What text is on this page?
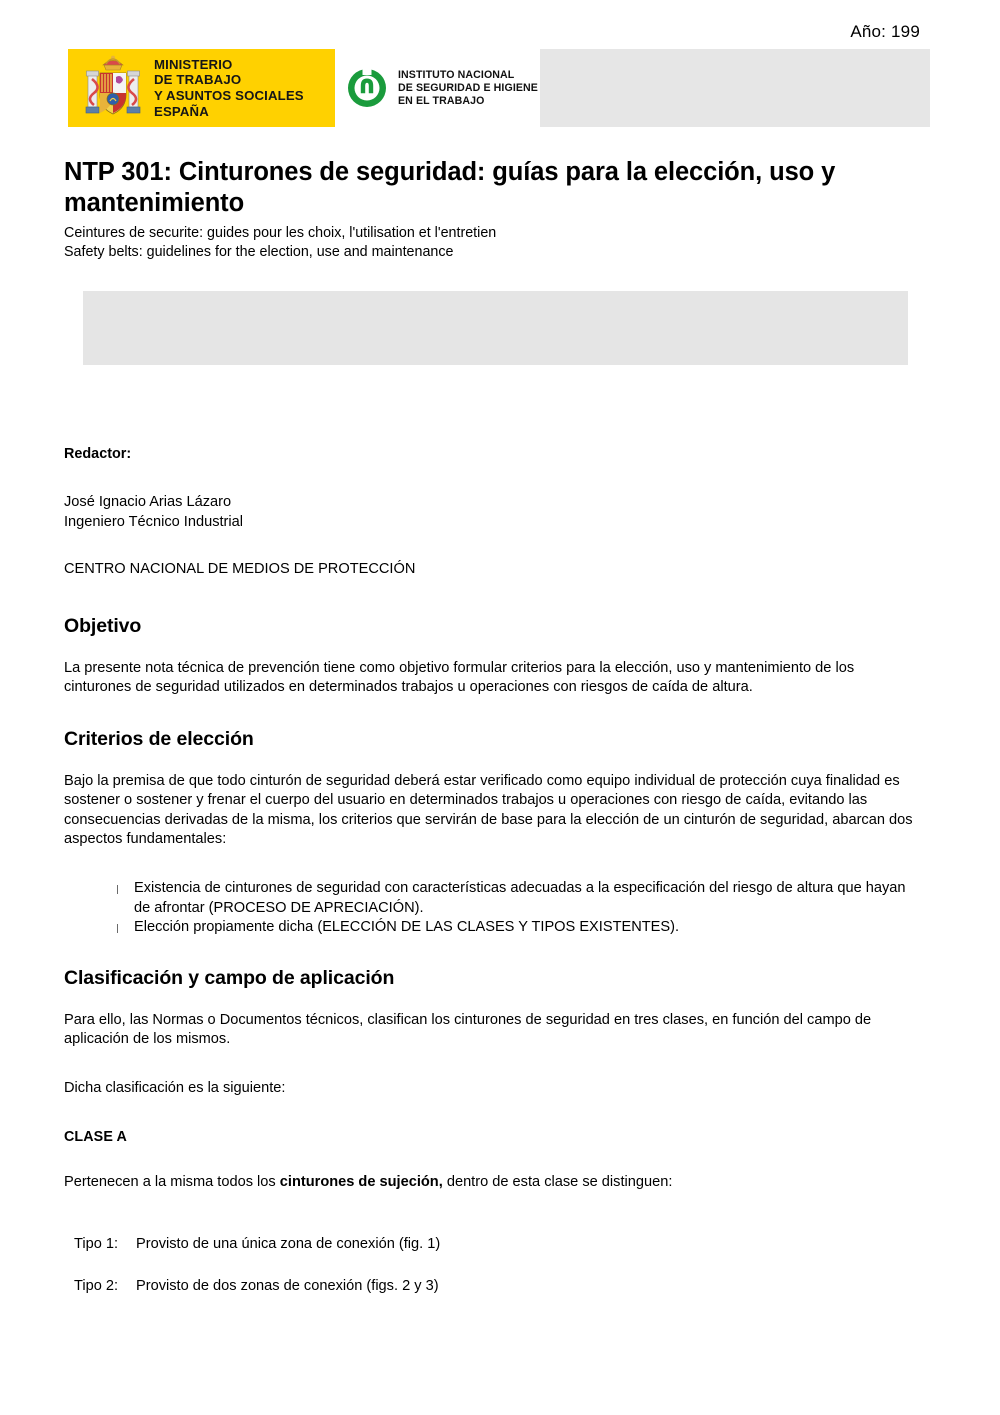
Año: 199
MINISTERIO
DE TRABAJO
Y ASUNTOS SOCIALES
ESPAÑA
INSTITUTO NACIONAL
DE SEGURIDAD E HIGIENE
EN EL TRABAJO
NTP 301: Cinturones de seguridad: guías para la elección, uso y mantenimiento
Ceintures de securite: guides pour les choix, l'utilisation et l'entretien
Safety belts: guidelines for the election, use and maintenance
Redactor:
José Ignacio Arias Lázaro
Ingeniero Técnico Industrial
CENTRO NACIONAL DE MEDIOS DE PROTECCIÓN
Objetivo

La presente nota técnica de prevención tiene como objetivo formular criterios para la elección, uso y mantenimiento de los cinturones de seguridad utilizados en determinados trabajos u operaciones con riesgos de caída de altura.

Criterios de elección

Bajo la premisa de que todo cinturón de seguridad deberá estar verificado como equipo individual de protección cuya finalidad es sostener o sostener y frenar el cuerpo del usuario en determinados trabajos u operaciones con riesgo de caída, evitando las consecuencias derivadas de la misma, los criterios que servirán de base para la elección de un cinturón de seguridad, abarcan dos aspectos fundamentales:

Existencia de cinturones de seguridad con características adecuadas a la especificación del riesgo de altura que hayan de afrontar (PROCESO DE APRECIACIÓN).
Elección propiamente dicha (ELECCIÓN DE LAS CLASES Y TIPOS EXISTENTES).
Clasificación y campo de aplicación

Para ello, las Normas o Documentos técnicos, clasifican los cinturones de seguridad en tres clases, en función del campo de aplicación de los mismos.

Dicha clasificación es la siguiente:

CLASE A

Pertenecen a la misma todos los cinturones de sujeción, dentro de esta clase se distinguen:

Tipo 1:	Provisto de una única zona de conexión (fig. 1)
Tipo 2:	Provisto de dos zonas de conexión (figs. 2 y 3)
